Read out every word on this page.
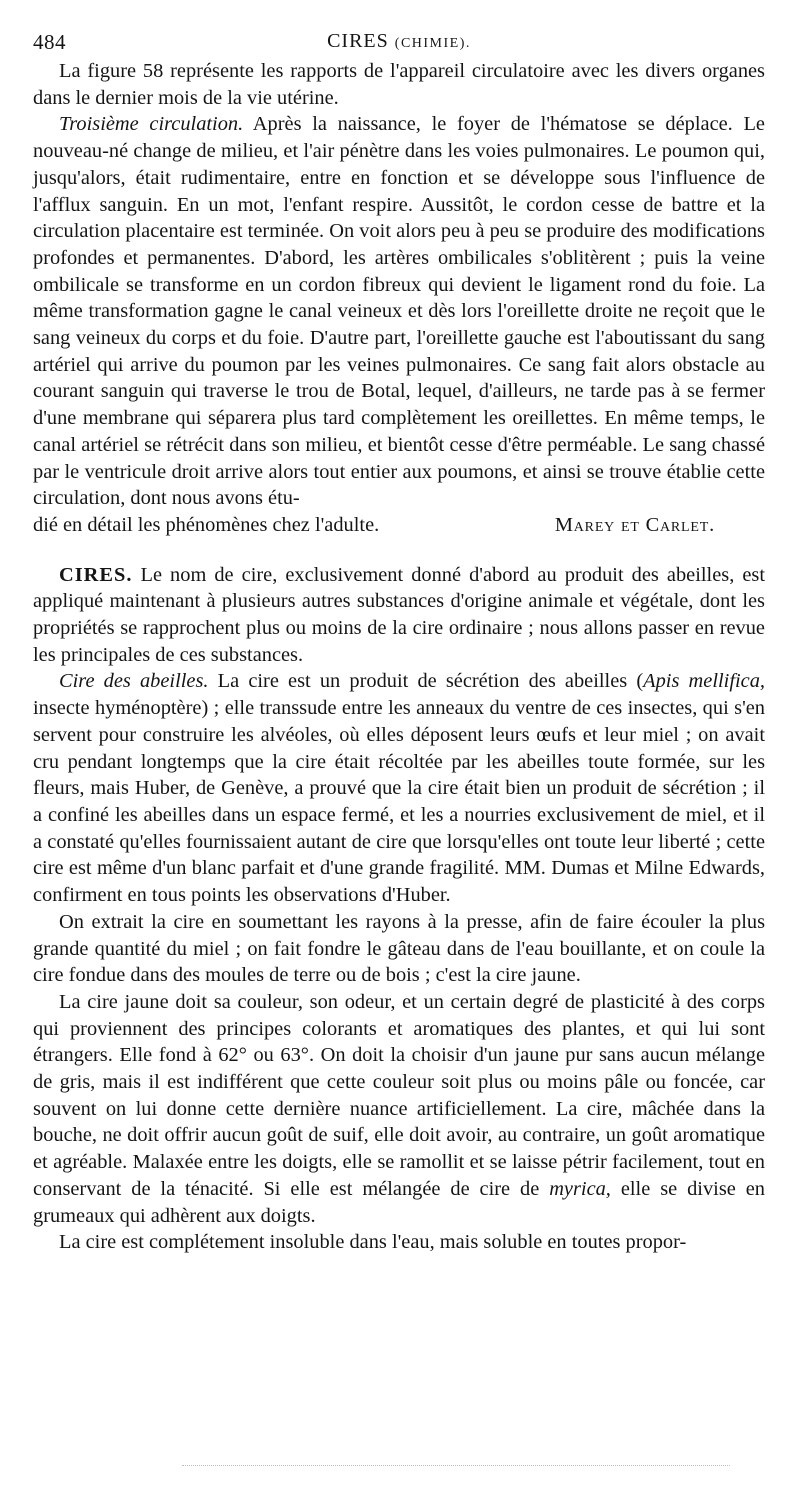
484	CIRES (CHIMIE).

La figure 58 représente les rapports de l'appareil circulatoire avec les divers organes dans le dernier mois de la vie utérine.

Troisième circulation. Après la naissance, le foyer de l'hématose se déplace. Le nouveau-né change de milieu, et l'air pénètre dans les voies pulmonaires. Le poumon qui, jusqu'alors, était rudimentaire, entre en fonction et se développe sous l'influence de l'afflux sanguin. En un mot, l'enfant respire. Aussitôt, le cordon cesse de battre et la circulation placentaire est terminée. On voit alors peu à peu se produire des modifications profondes et permanentes. D'abord, les artères ombilicales s'oblitèrent ; puis la veine ombilicale se transforme en un cordon fibreux qui devient le ligament rond du foie. La même transformation gagne le canal veineux et dès lors l'oreillette droite ne reçoit que le sang veineux du corps et du foie. D'autre part, l'oreillette gauche est l'aboutissant du sang artériel qui arrive du poumon par les veines pulmonaires. Ce sang fait alors obstacle au courant sanguin qui traverse le trou de Botal, lequel, d'ailleurs, ne tarde pas à se fermer d'une membrane qui séparera plus tard complètement les oreillettes. En même temps, le canal artériel se rétrécit dans son milieu, et bientôt cesse d'être perméable. Le sang chassé par le ventricule droit arrive alors tout entier aux poumons, et ainsi se trouve établie cette circulation, dont nous avons étu-

dié en détail les phénomènes chez l'adulte.	Marey et Carlet.

CIRES. Le nom de cire, exclusivement donné d'abord au produit des abeilles, est appliqué maintenant à plusieurs autres substances d'origine animale et végétale, dont les propriétés se rapprochent plus ou moins de la cire ordinaire ; nous allons passer en revue les principales de ces substances.

Cire des abeilles. La cire est un produit de sécrétion des abeilles (Apis mellifica, insecte hyménoptère) ; elle transsude entre les anneaux du ventre de ces insectes, qui s'en servent pour construire les alvéoles, où elles déposent leurs œufs et leur miel ; on avait cru pendant longtemps que la cire était récoltée par les abeilles toute formée, sur les fleurs, mais Huber, de Genève, a prouvé que la cire était bien un produit de sécrétion ; il a confiné les abeilles dans un espace fermé, et les a nourries exclusivement de miel, et il a constaté qu'elles fournissaient autant de cire que lorsqu'elles ont toute leur liberté ; cette cire est même d'un blanc parfait et d'une grande fragilité. MM. Dumas et Milne Edwards, confirment en tous points les observations d'Huber.

On extrait la cire en soumettant les rayons à la presse, afin de faire écouler la plus grande quantité du miel ; on fait fondre le gâteau dans de l'eau bouillante, et on coule la cire fondue dans des moules de terre ou de bois ; c'est la cire jaune.

La cire jaune doit sa couleur, son odeur, et un certain degré de plasticité à des corps qui proviennent des principes colorants et aromatiques des plantes, et qui lui sont étrangers. Elle fond à 62° ou 63°. On doit la choisir d'un jaune pur sans aucun mélange de gris, mais il est indifférent que cette couleur soit plus ou moins pâle ou foncée, car souvent on lui donne cette dernière nuance artificiellement. La cire, mâchée dans la bouche, ne doit offrir aucun goût de suif, elle doit avoir, au contraire, un goût aromatique et agréable. Malaxée entre les doigts, elle se ramollit et se laisse pétrir facilement, tout en conservant de la ténacité. Si elle est mélangée de cire de myrica, elle se divise en grumeaux qui adhèrent aux doigts.

La cire est complétement insoluble dans l'eau, mais soluble en toutes propor-
